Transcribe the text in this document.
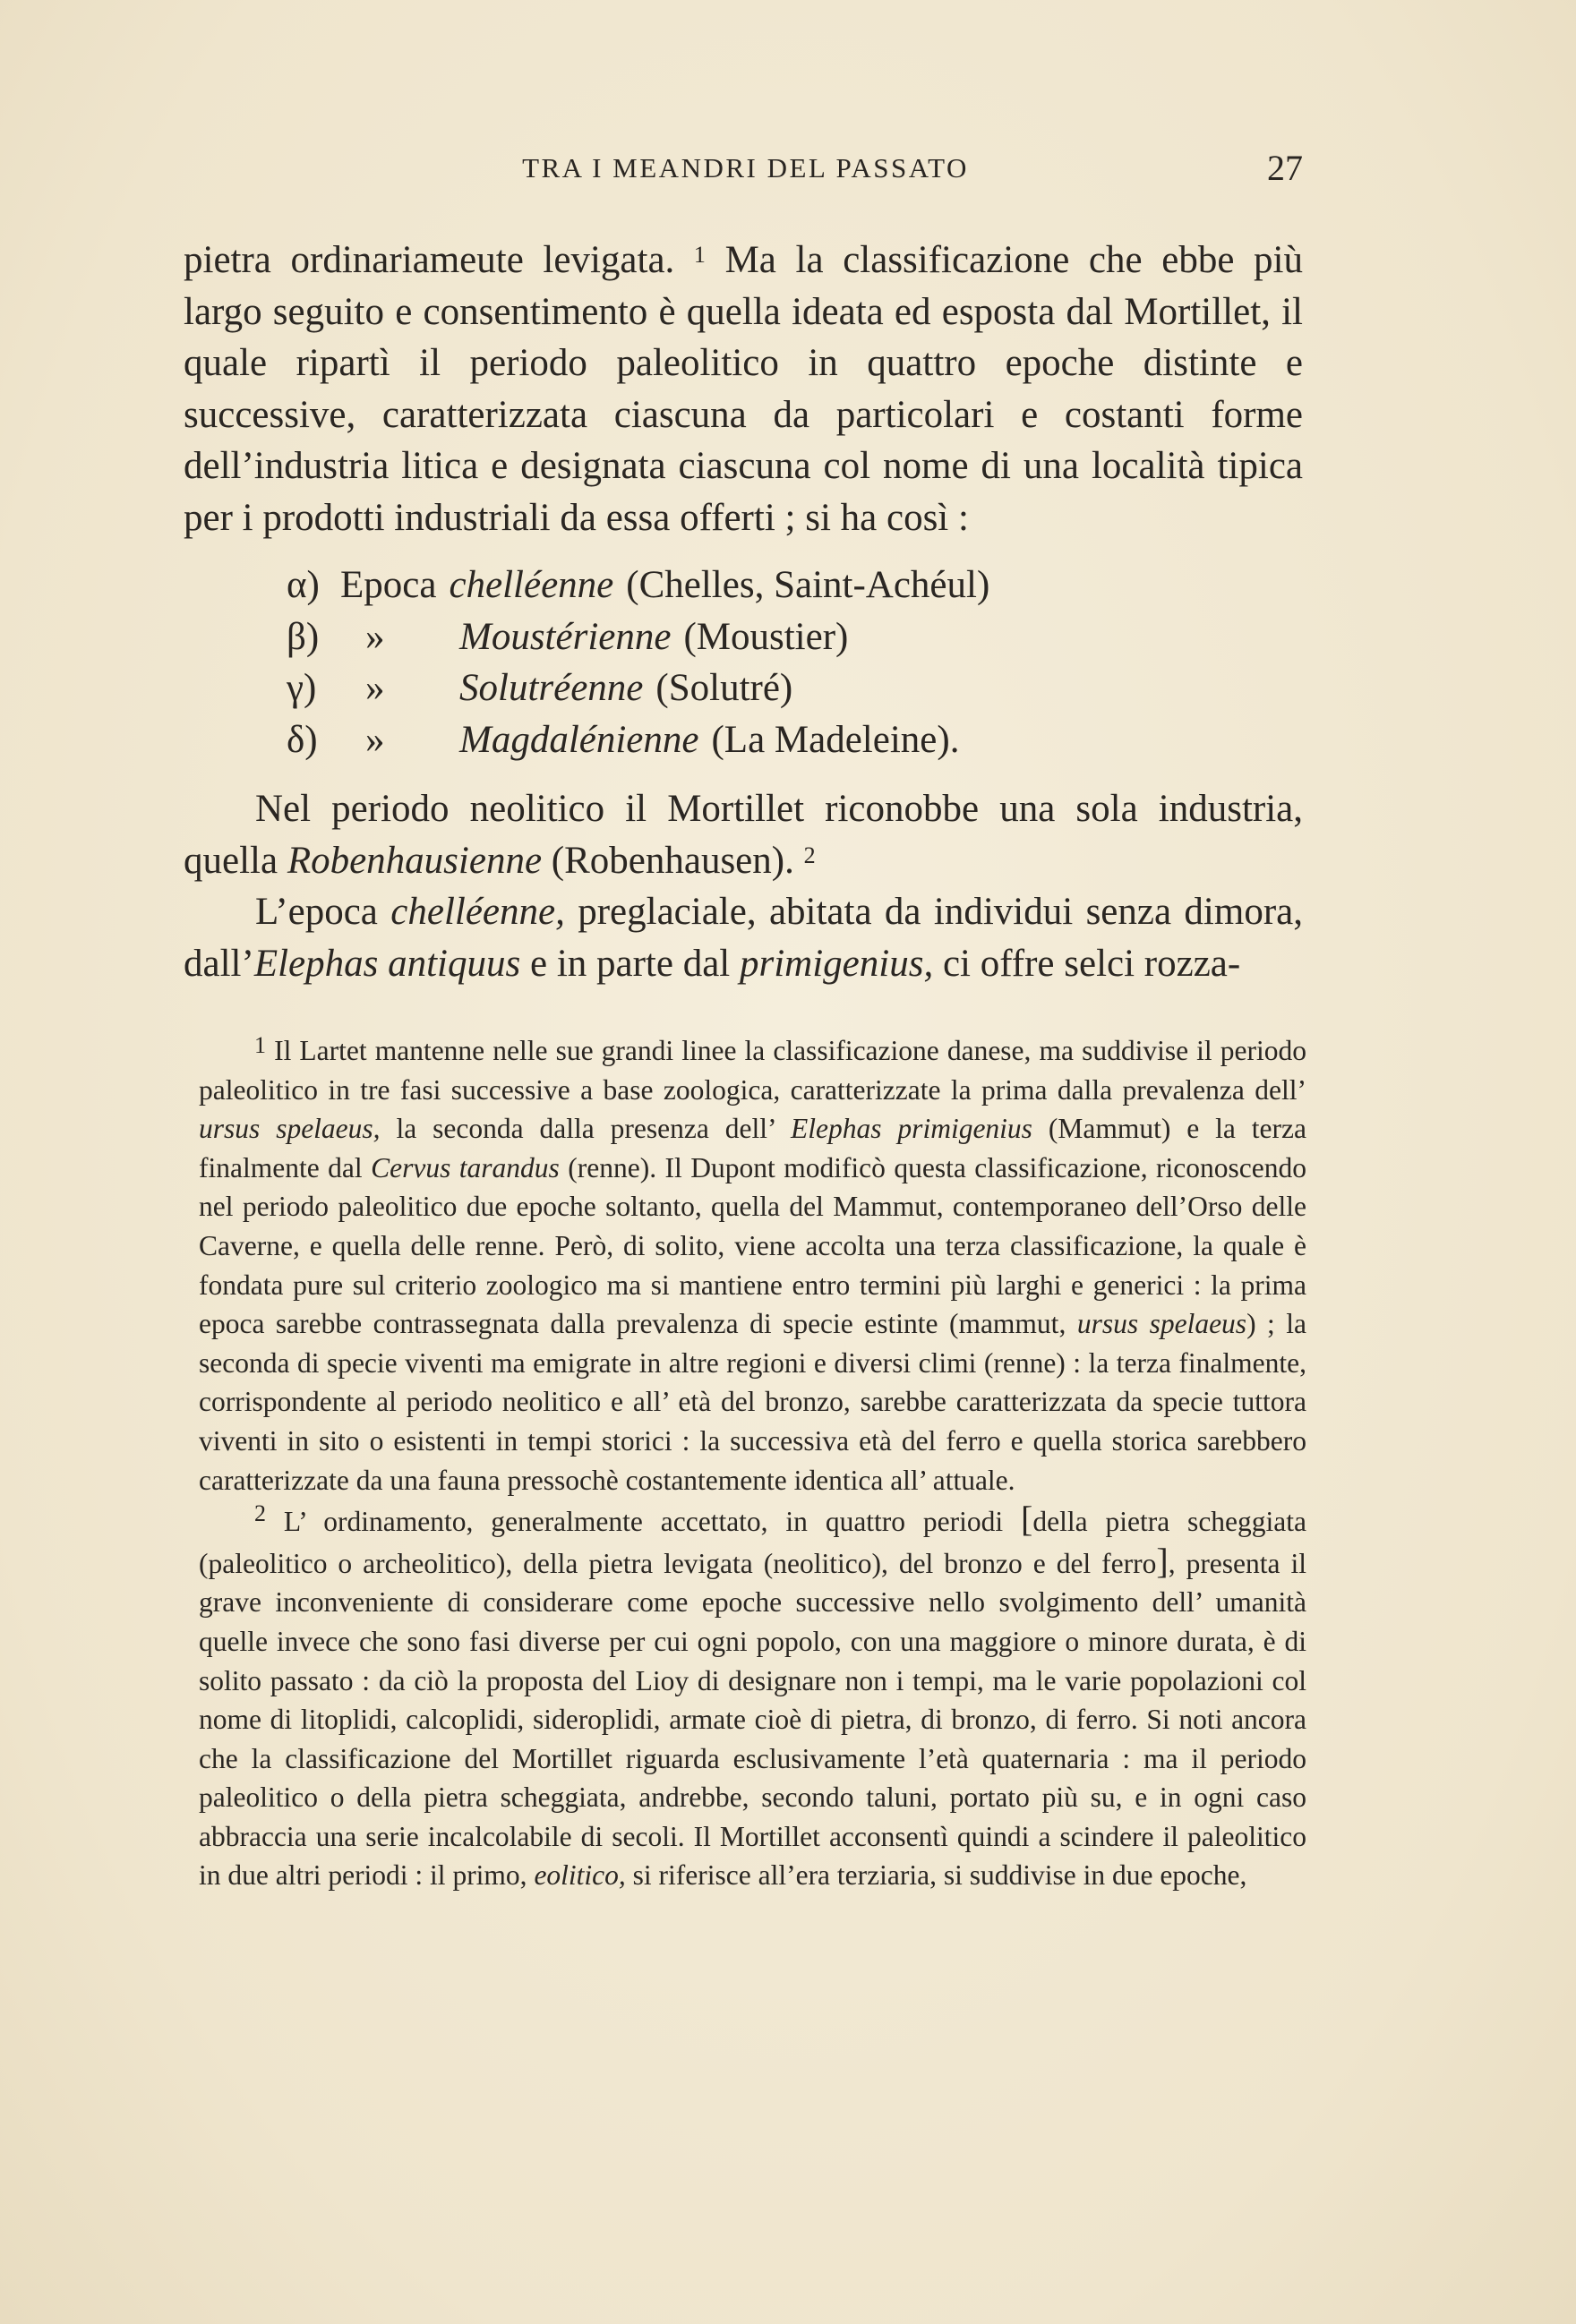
TRA I MEANDRI DEL PASSATO	27

pietra ordinariameute levigata. $^1$ Ma la classificazione che ebbe più largo seguito e consentimento è quella ideata ed esposta dal Mortillet, il quale ripartì il periodo paleolitico in quattro epoche distinte e successive, caratterizzata ciascuna da particolari e costanti forme dell’industria litica e designata ciascuna col nome di una località tipica per i prodotti industriali da essa offerti ; si ha così :

α) Epoca chelléenne (Chelles, Saint-Achéul)
β)	»	Moustérienne (Moustier)
γ)	»	Solutréenne (Solutré)
δ)	»	Magdalénienne (La Madeleine).

Nel periodo neolitico il Mortillet riconobbe una sola industria, quella Robenhausienne (Robenhausen). $^2$

L’epoca chelléenne, preglaciale, abitata da individui senza dimora, dall’Elephas antiquus e in parte dal primigenius, ci offre selci rozza-

$^1$ Il Lartet mantenne nelle sue grandi linee la classificazione danese, ma suddivise il periodo paleolitico in tre fasi successive a base zoologica, caratterizzate la prima dalla prevalenza dell’ ursus spelaeus, la seconda dalla presenza dell’ Elephas primigenius (Mammut) e la terza finalmente dal Cervus tarandus (renne). Il Dupont modificò questa classificazione, riconoscendo nel periodo paleolitico due epoche soltanto, quella del Mammut, contemporaneo dell’Orso delle Caverne, e quella delle renne. Però, di solito, viene accolta una terza classificazione, la quale è fondata pure sul criterio zoologico ma si mantiene entro termini più larghi e generici : la prima epoca sarebbe contrassegnata dalla prevalenza di specie estinte (mammut, ursus spelaeus) ; la seconda di specie viventi ma emigrate in altre regioni e diversi climi (renne) : la terza finalmente, corrispondente al periodo neolitico e all’ età del bronzo, sarebbe caratterizzata da specie tuttora viventi in sito o esistenti in tempi storici : la successiva età del ferro e quella storica sarebbero caratterizzate da una fauna pressochè costantemente identica all’ attuale.

$^2$ L’ ordinamento, generalmente accettato, in quattro periodi [della pietra scheggiata (paleolitico o archeolitico), della pietra levigata (neolitico), del bronzo e del ferro], presenta il grave inconveniente di considerare come epoche successive nello svolgimento dell’ umanità quelle invece che sono fasi diverse per cui ogni popolo, con una maggiore o minore durata, è di solito passato : da ciò la proposta del Lioy di designare non i tempi, ma le varie popolazioni col nome di litoplidi, calcoplidi, sideroplidi, armate cioè di pietra, di bronzo, di ferro. Si noti ancora che la classificazione del Mortillet riguarda esclusivamente l’età quaternaria : ma il periodo paleolitico o della pietra scheggiata, andrebbe, secondo taluni, portato più su, e in ogni caso abbraccia una serie incalcolabile di secoli. Il Mortillet acconsentì quindi a scindere il paleolitico in due altri periodi : il primo, eolitico, si riferisce all’era terziaria, si suddivise in due epoche,
